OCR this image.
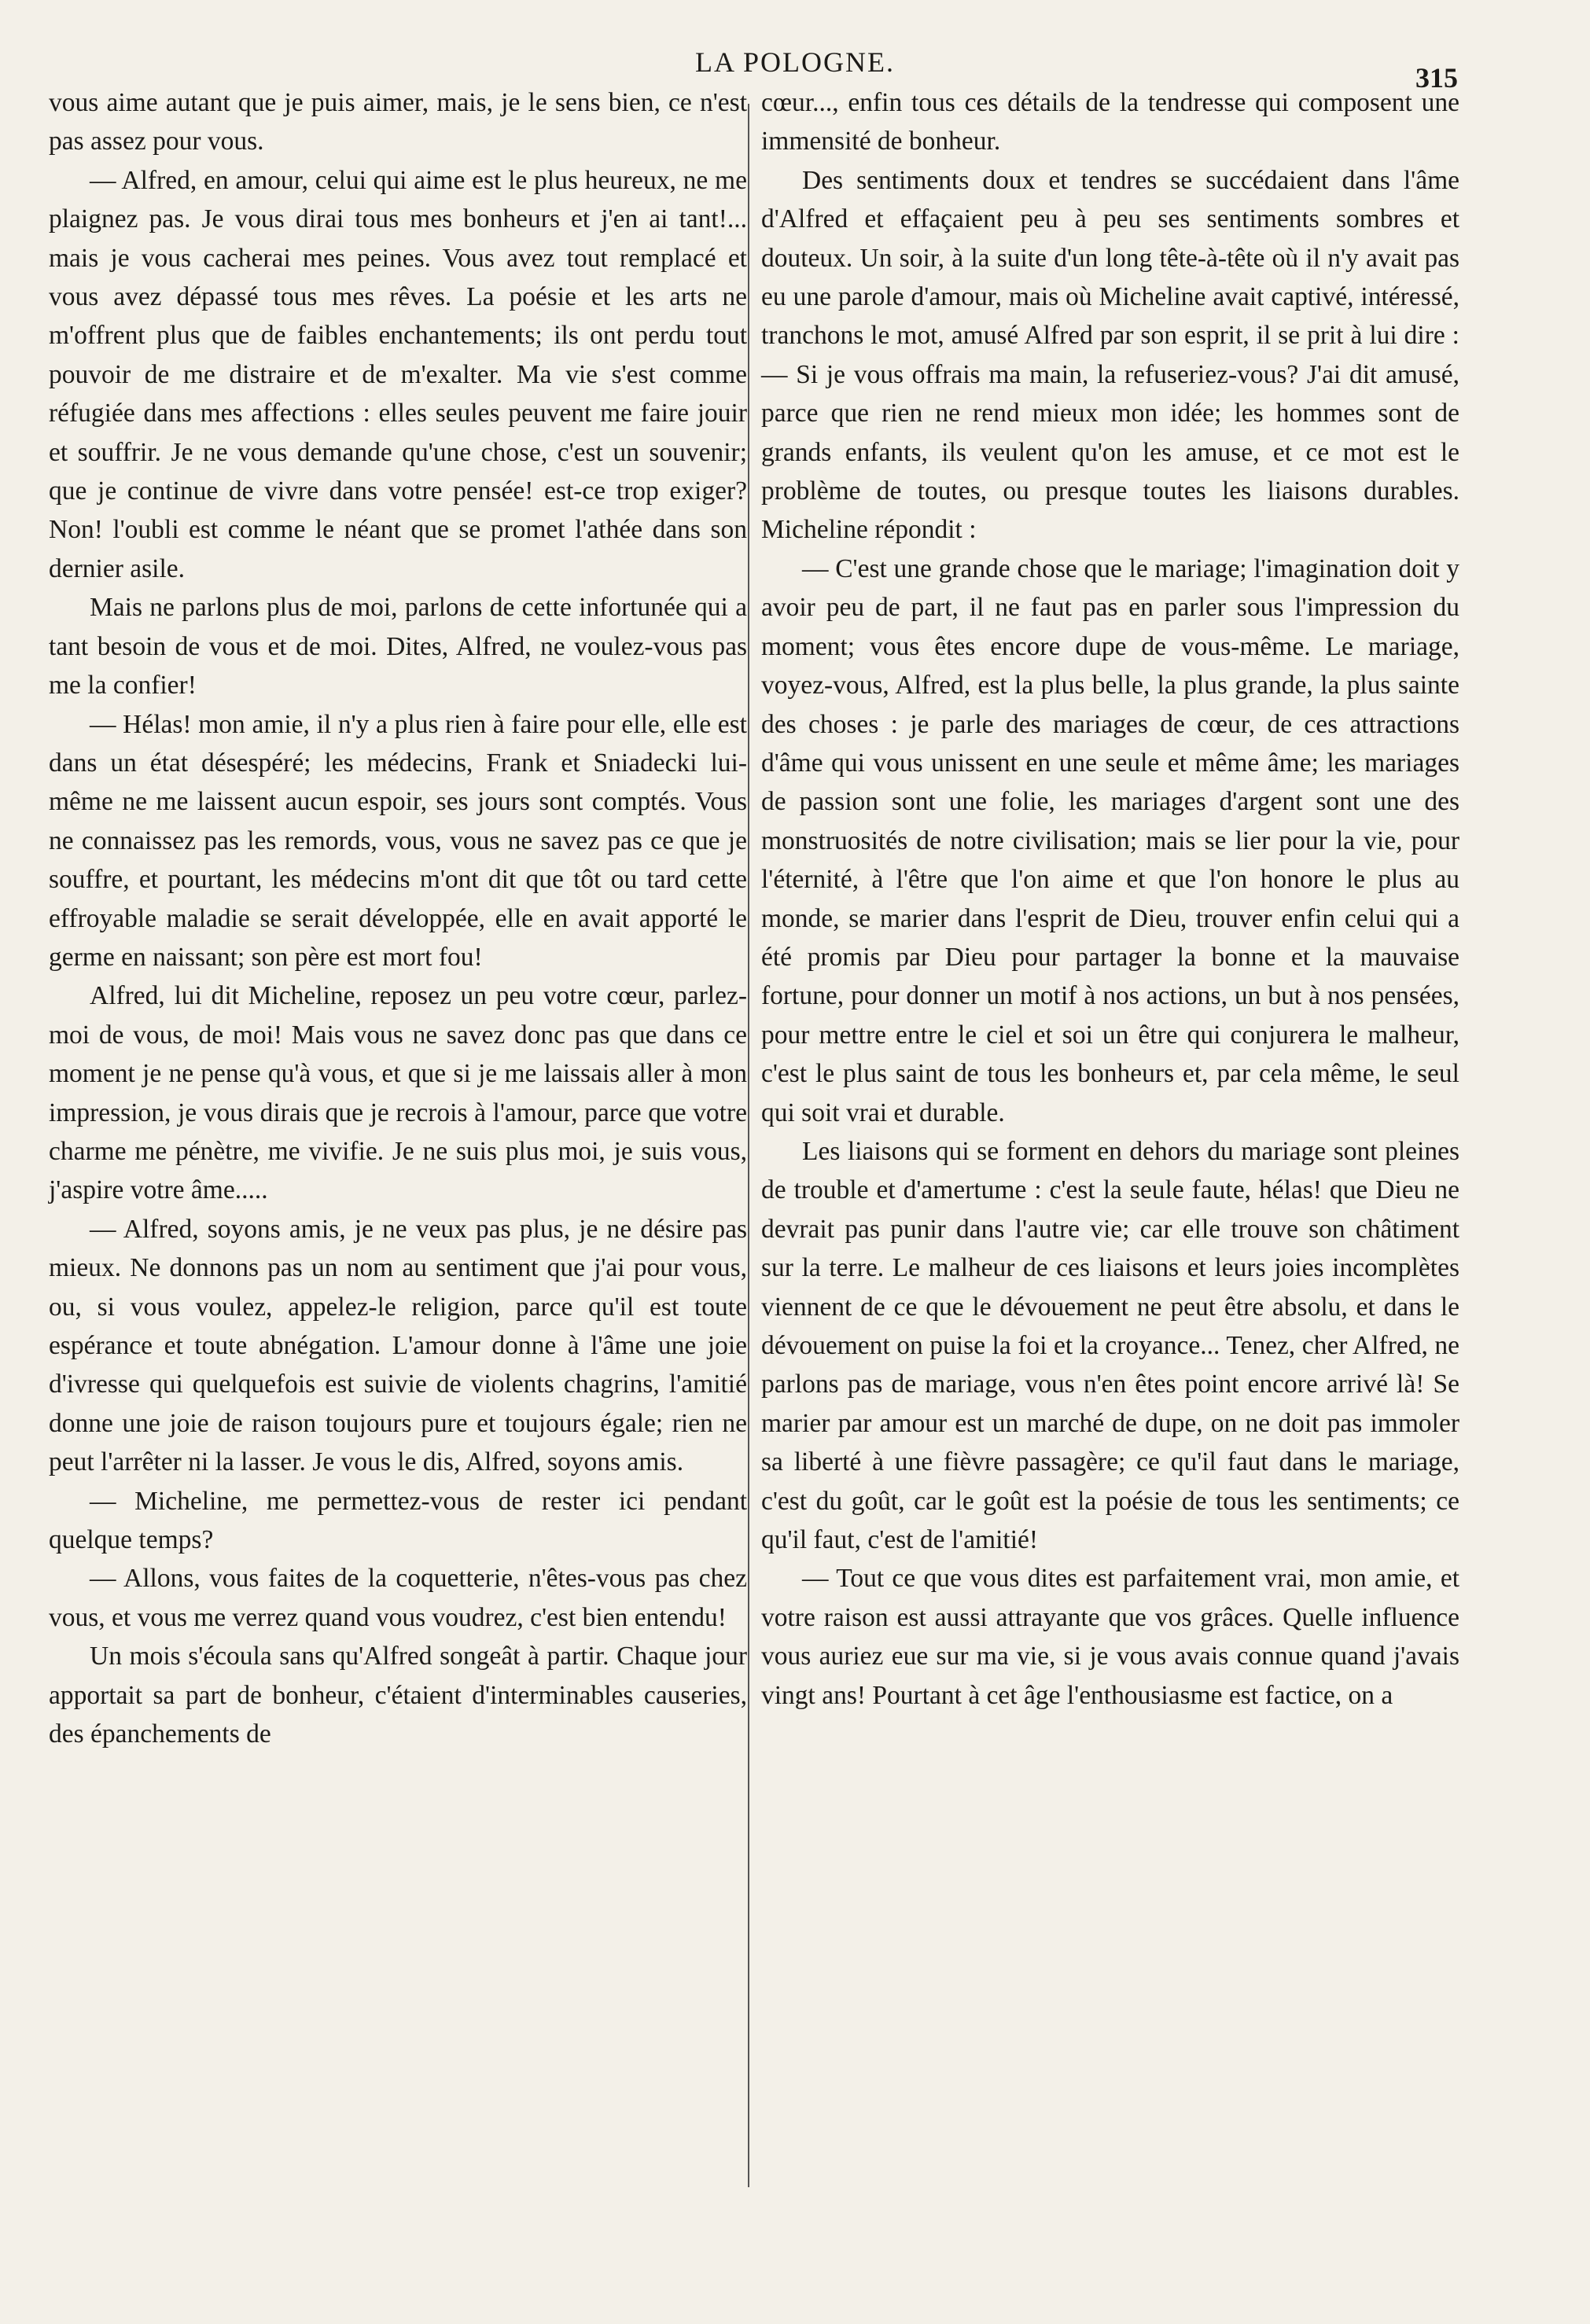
LA POLOGNE.	315

vous aime autant que je puis aimer, mais, je le sens bien, ce n'est pas assez pour vous.

— Alfred, en amour, celui qui aime est le plus heureux, ne me plaignez pas. Je vous dirai tous mes bonheurs et j'en ai tant!... mais je vous cacherai mes peines. Vous avez tout remplacé et vous avez dépassé tous mes rêves. La poésie et les arts ne m'offrent plus que de faibles enchantements; ils ont perdu tout pouvoir de me distraire et de m'exalter. Ma vie s'est comme réfugiée dans mes affections : elles seules peuvent me faire jouir et souffrir. Je ne vous demande qu'une chose, c'est un souvenir; que je continue de vivre dans votre pensée! est-ce trop exiger? Non! l'oubli est comme le néant que se promet l'athée dans son dernier asile.

Mais ne parlons plus de moi, parlons de cette infortunée qui a tant besoin de vous et de moi. Dites, Alfred, ne voulez-vous pas me la confier!

— Hélas! mon amie, il n'y a plus rien à faire pour elle, elle est dans un état désespéré; les médecins, Frank et Sniadecki lui-même ne me laissent aucun espoir, ses jours sont comptés. Vous ne connaissez pas les remords, vous, vous ne savez pas ce que je souffre, et pourtant, les médecins m'ont dit que tôt ou tard cette effroyable maladie se serait développée, elle en avait apporté le germe en naissant; son père est mort fou!

Alfred, lui dit Micheline, reposez un peu votre cœur, parlez-moi de vous, de moi! Mais vous ne savez donc pas que dans ce moment je ne pense qu'à vous, et que si je me laissais aller à mon impression, je vous dirais que je recrois à l'amour, parce que votre charme me pénètre, me vivifie. Je ne suis plus moi, je suis vous, j'aspire votre âme.....

— Alfred, soyons amis, je ne veux pas plus, je ne désire pas mieux. Ne donnons pas un nom au sentiment que j'ai pour vous, ou, si vous voulez, appelez-le religion, parce qu'il est toute espérance et toute abnégation. L'amour donne à l'âme une joie d'ivresse qui quelquefois est suivie de violents chagrins, l'amitié donne une joie de raison toujours pure et toujours égale; rien ne peut l'arrêter ni la lasser. Je vous le dis, Alfred, soyons amis.

— Micheline, me permettez-vous de rester ici pendant quelque temps?

— Allons, vous faites de la coquetterie, n'êtes-vous pas chez vous, et vous me verrez quand vous voudrez, c'est bien entendu!

Un mois s'écoula sans qu'Alfred songeât à partir. Chaque jour apportait sa part de bonheur, c'étaient d'interminables causeries, des épanchements de

cœur..., enfin tous ces détails de la tendresse qui composent une immensité de bonheur.

Des sentiments doux et tendres se succédaient dans l'âme d'Alfred et effaçaient peu à peu ses sentiments sombres et douteux. Un soir, à la suite d'un long tête-à-tête où il n'y avait pas eu une parole d'amour, mais où Micheline avait captivé, intéressé, tranchons le mot, amusé Alfred par son esprit, il se prit à lui dire : — Si je vous offrais ma main, la refuseriez-vous? J'ai dit amusé, parce que rien ne rend mieux mon idée; les hommes sont de grands enfants, ils veulent qu'on les amuse, et ce mot est le problème de toutes, ou presque toutes les liaisons durables. Micheline répondit :

— C'est une grande chose que le mariage; l'imagination doit y avoir peu de part, il ne faut pas en parler sous l'impression du moment; vous êtes encore dupe de vous-même. Le mariage, voyez-vous, Alfred, est la plus belle, la plus grande, la plus sainte des choses : je parle des mariages de cœur, de ces attractions d'âme qui vous unissent en une seule et même âme; les mariages de passion sont une folie, les mariages d'argent sont une des monstruosités de notre civilisation; mais se lier pour la vie, pour l'éternité, à l'être que l'on aime et que l'on honore le plus au monde, se marier dans l'esprit de Dieu, trouver enfin celui qui a été promis par Dieu pour partager la bonne et la mauvaise fortune, pour donner un motif à nos actions, un but à nos pensées, pour mettre entre le ciel et soi un être qui conjurera le malheur, c'est le plus saint de tous les bonheurs et, par cela même, le seul qui soit vrai et durable.

Les liaisons qui se forment en dehors du mariage sont pleines de trouble et d'amertume : c'est la seule faute, hélas! que Dieu ne devrait pas punir dans l'autre vie; car elle trouve son châtiment sur la terre. Le malheur de ces liaisons et leurs joies incomplètes viennent de ce que le dévouement ne peut être absolu, et dans le dévouement on puise la foi et la croyance... Tenez, cher Alfred, ne parlons pas de mariage, vous n'en êtes point encore arrivé là! Se marier par amour est un marché de dupe, on ne doit pas immoler sa liberté à une fièvre passagère; ce qu'il faut dans le mariage, c'est du goût, car le goût est la poésie de tous les sentiments; ce qu'il faut, c'est de l'amitié!

— Tout ce que vous dites est parfaitement vrai, mon amie, et votre raison est aussi attrayante que vos grâces. Quelle influence vous auriez eue sur ma vie, si je vous avais connue quand j'avais vingt ans! Pourtant à cet âge l'enthousiasme est factice, on a
